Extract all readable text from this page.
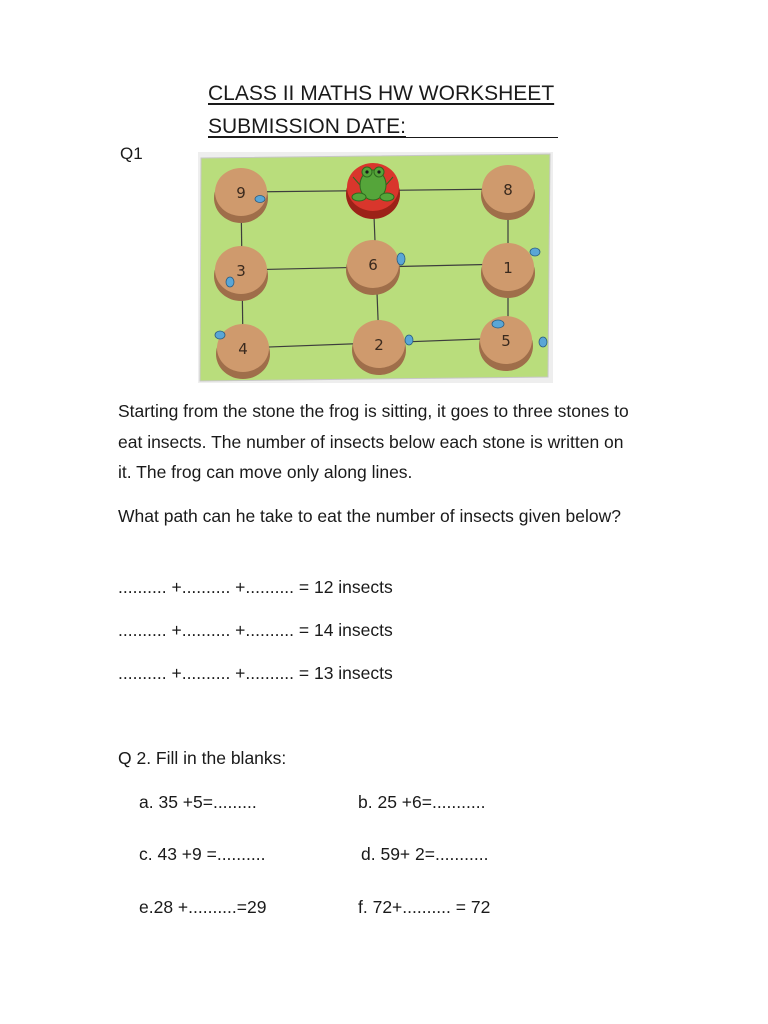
CLASS II MATHS HW WORKSHEET
SUBMISSION DATE:
Q1
9	8
3	6	1
4	2	5

Starting from the stone the frog is sitting, it goes to three stones to eat insects. The number of insects below each stone is written on it. The frog can move only along lines.

What path can he take to eat the number of insects given below?

.......... +.......... +.......... = 12 insects
.......... +.......... +.......... = 14 insects
.......... +.......... +.......... = 13 insects
Q 2. Fill in the blanks:
a. 35 +5=.........	b. 25 +6=...........
c. 43 +9 =..........	d. 59+ 2=...........
e.28 +..........=29	f. 72+.......... = 72
